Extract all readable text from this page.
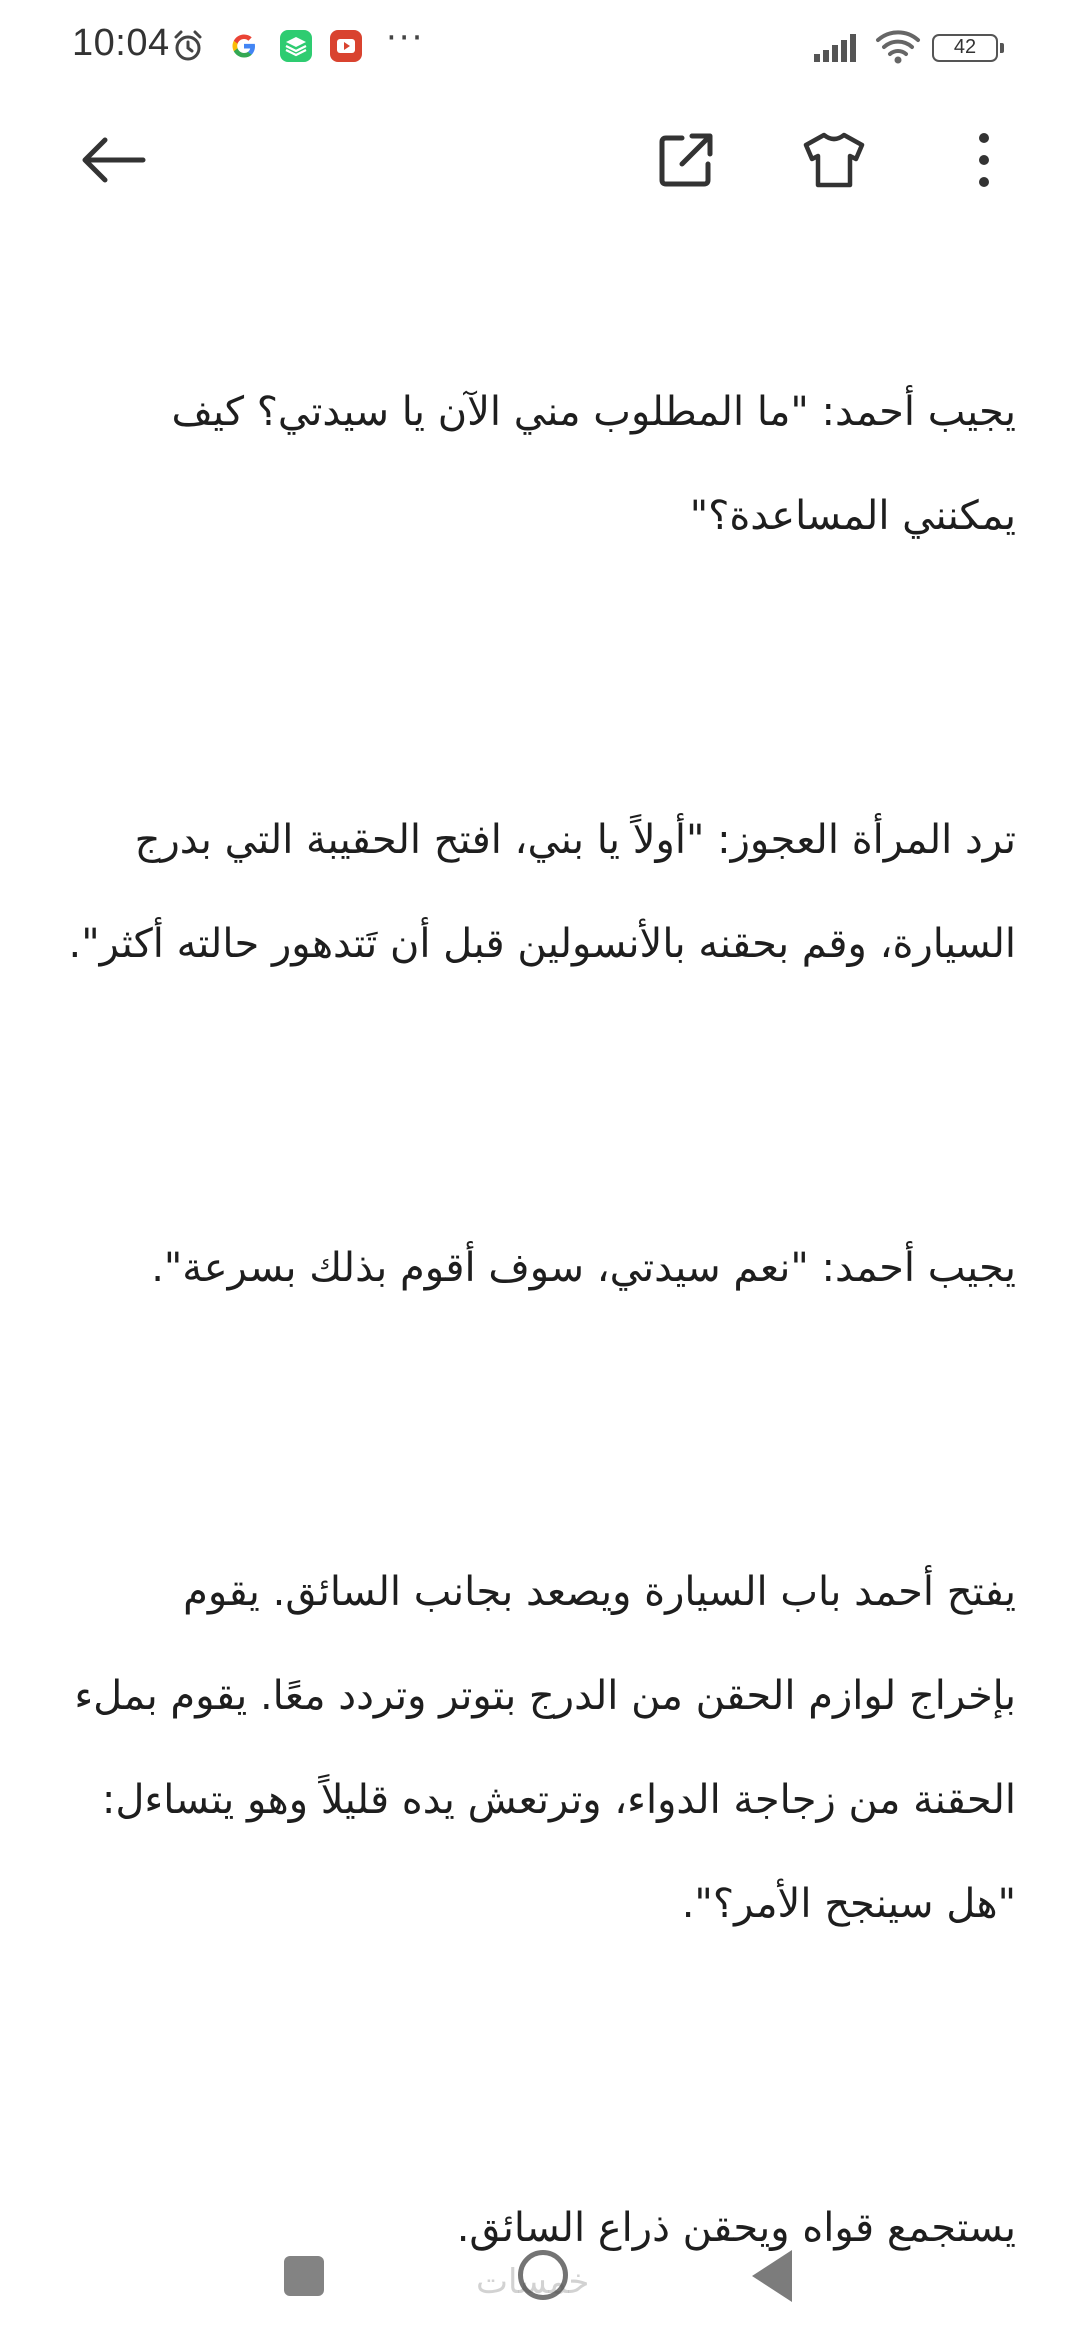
10:04	···	42

يجيب أحمد: "ما المطلوب مني الآن يا سيدتي؟ كيف يمكنني المساعدة؟"

ترد المرأة العجوز: "أولاً يا بني، افتح الحقيبة التي بدرج السيارة، وقم بحقنه بالأنسولين قبل أن تَتدهور حالته أكثر".

يجيب أحمد: "نعم سيدتي، سوف أقوم بذلك بسرعة".

يفتح أحمد باب السيارة ويصعد بجانب السائق. يقوم بإخراج لوازم الحقن من الدرج بتوتر وتردد معًا. يقوم بملء الحقنة من زجاجة الدواء، وترتعش يده قليلاً وهو يتساءل: "هل سينجح الأمر؟".

يستجمع قواه ويحقن ذراع السائق.

خمسات
